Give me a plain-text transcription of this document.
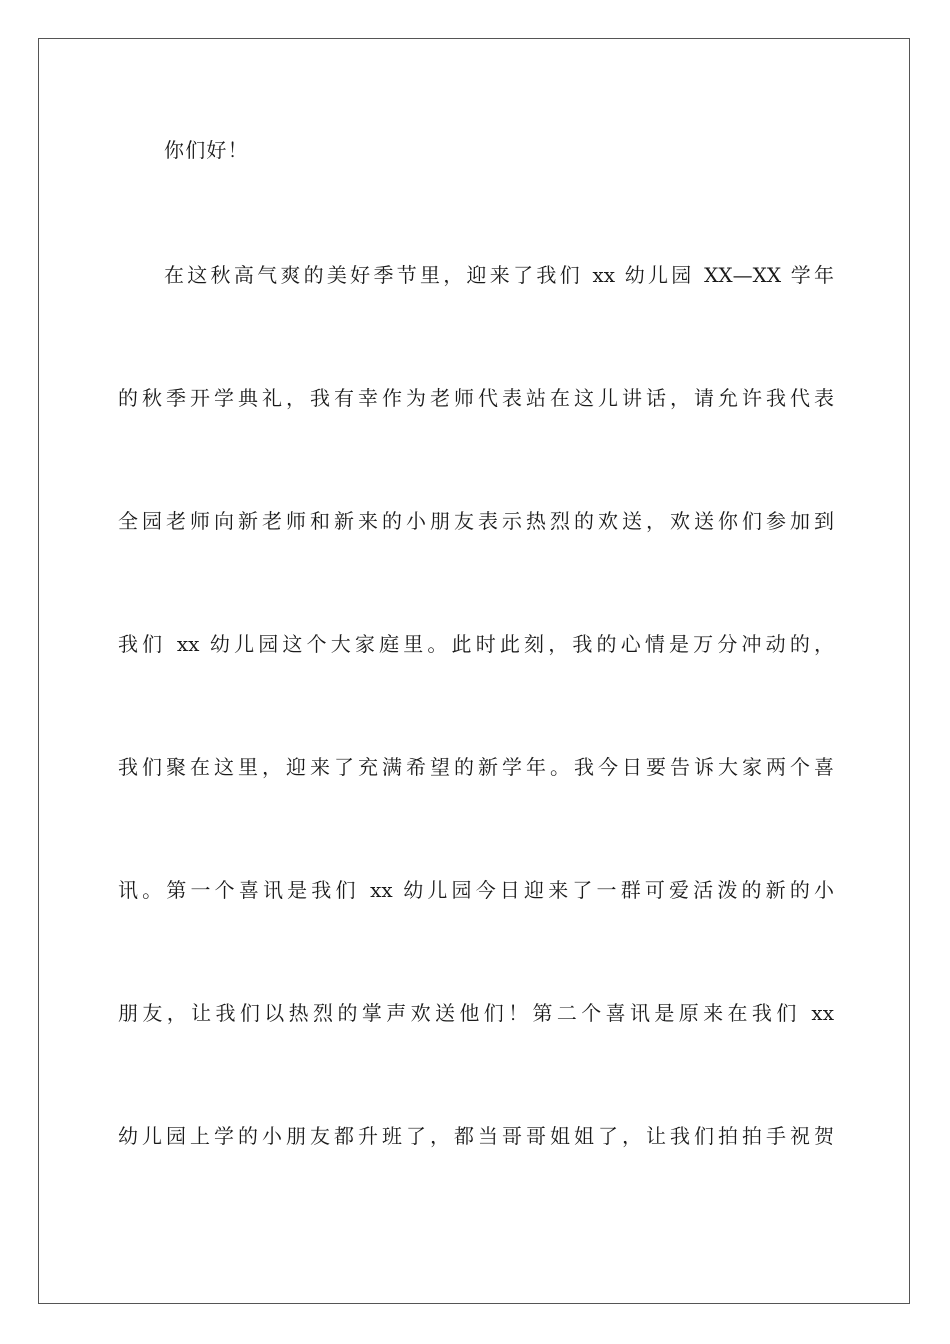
你们好！
在这秋高气爽的美好季节里，迎来了我们 xx 幼儿园 XX—XX 学年
的秋季开学典礼，我有幸作为老师代表站在这儿讲话，请允许我代表
全园老师向新老师和新来的小朋友表示热烈的欢送，欢送你们参加到
我们 xx 幼儿园这个大家庭里。此时此刻，我的心情是万分冲动的，
我们聚在这里，迎来了充满希望的新学年。我今日要告诉大家两个喜
讯。第一个喜讯是我们 xx 幼儿园今日迎来了一群可爱活泼的新的小
朋友，让我们以热烈的掌声欢送他们！第二个喜讯是原来在我们 xx
幼儿园上学的小朋友都升班了，都当哥哥姐姐了，让我们拍拍手祝贺
